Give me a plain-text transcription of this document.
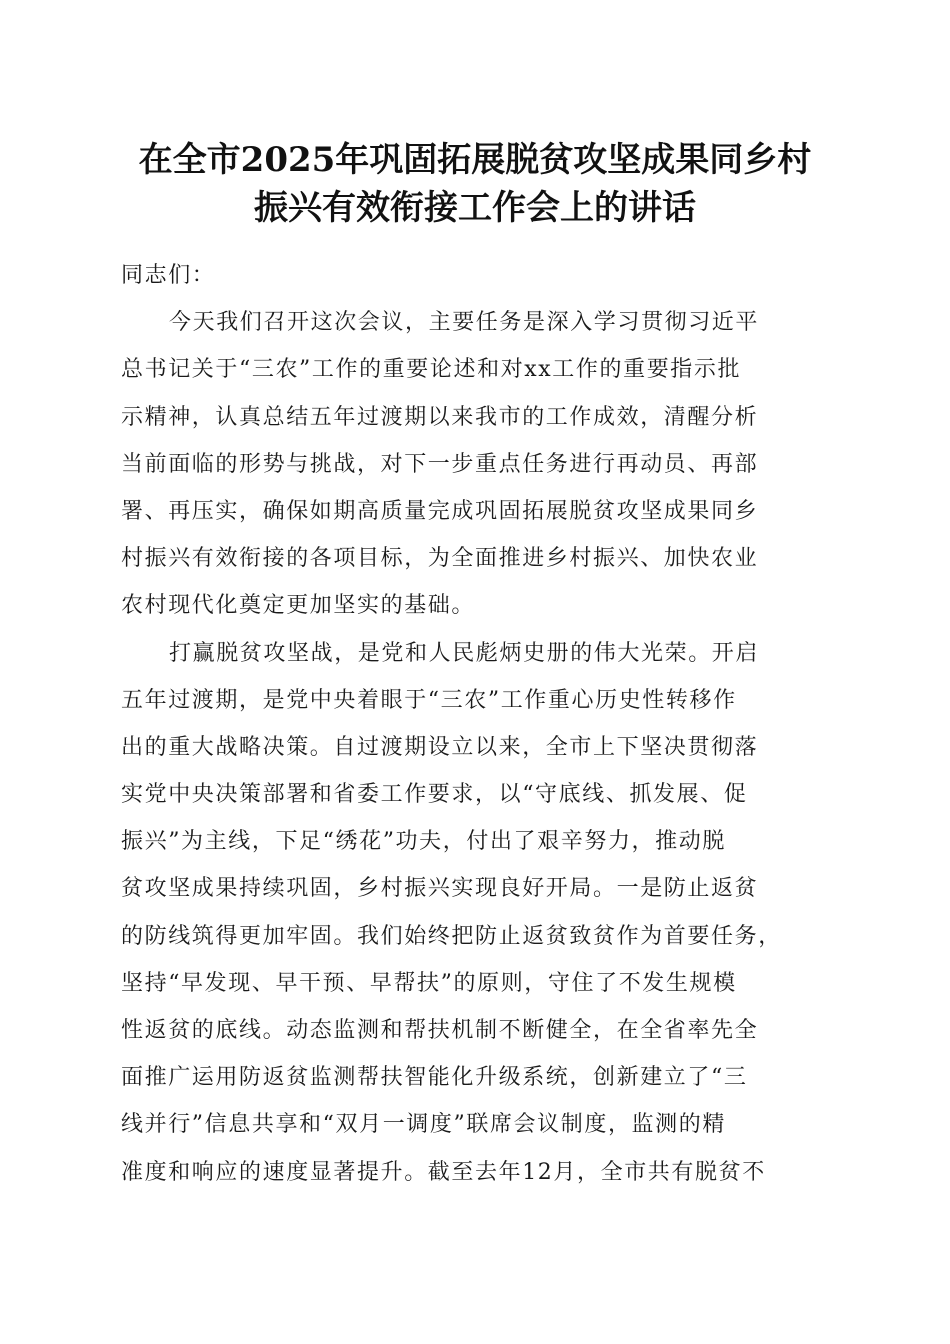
在全市2025年巩固拓展脱贫攻坚成果同乡村
振兴有效衔接工作会上的讲话
同志们：
今天我们召开这次会议，主要任务是深入学习贯彻习近平
总书记关于“三农”工作的重要论述和对xx工作的重要指示批
示精神，认真总结五年过渡期以来我市的工作成效，清醒分析
当前面临的形势与挑战，对下一步重点任务进行再动员、再部
署、再压实，确保如期高质量完成巩固拓展脱贫攻坚成果同乡
村振兴有效衔接的各项目标，为全面推进乡村振兴、加快农业
农村现代化奠定更加坚实的基础。
打赢脱贫攻坚战，是党和人民彪炳史册的伟大光荣。开启
五年过渡期，是党中央着眼于“三农”工作重心历史性转移作
出的重大战略决策。自过渡期设立以来，全市上下坚决贯彻落
实党中央决策部署和省委工作要求，以“守底线、抓发展、促
振兴”为主线，下足“绣花”功夫，付出了艰辛努力，推动脱
贫攻坚成果持续巩固，乡村振兴实现良好开局。一是防止返贫
的防线筑得更加牢固。我们始终把防止返贫致贫作为首要任务，
坚持“早发现、早干预、早帮扶”的原则，守住了不发生规模
性返贫的底线。动态监测和帮扶机制不断健全，在全省率先全
面推广运用防返贫监测帮扶智能化升级系统，创新建立了“三
线并行”信息共享和“双月一调度”联席会议制度，监测的精
准度和响应的速度显著提升。截至去年12月，全市共有脱贫不
